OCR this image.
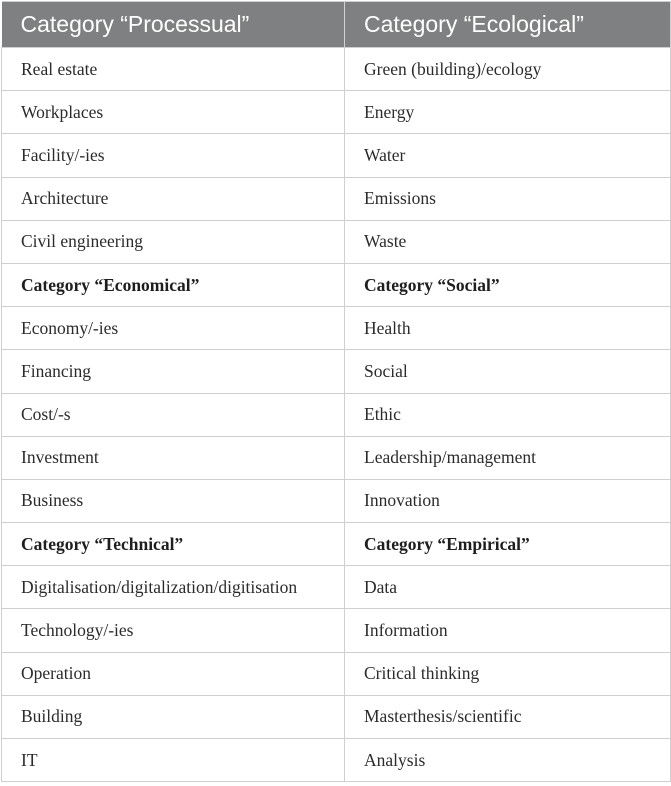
Category “Processual”	Category “Ecological”
Real estate	Green (building)/ecology
Workplaces	Energy
Facility/-ies	Water
Architecture	Emissions
Civil engineering	Waste
Category “Economical”	Category “Social”
Economy/-ies	Health
Financing	Social
Cost/-s	Ethic
Investment	Leadership/management
Business	Innovation
Category “Technical”	Category “Empirical”
Digitalisation/digitalization/digitisation	Data
Technology/-ies	Information
Operation	Critical thinking
Building	Masterthesis/scientific
IT	Analysis
